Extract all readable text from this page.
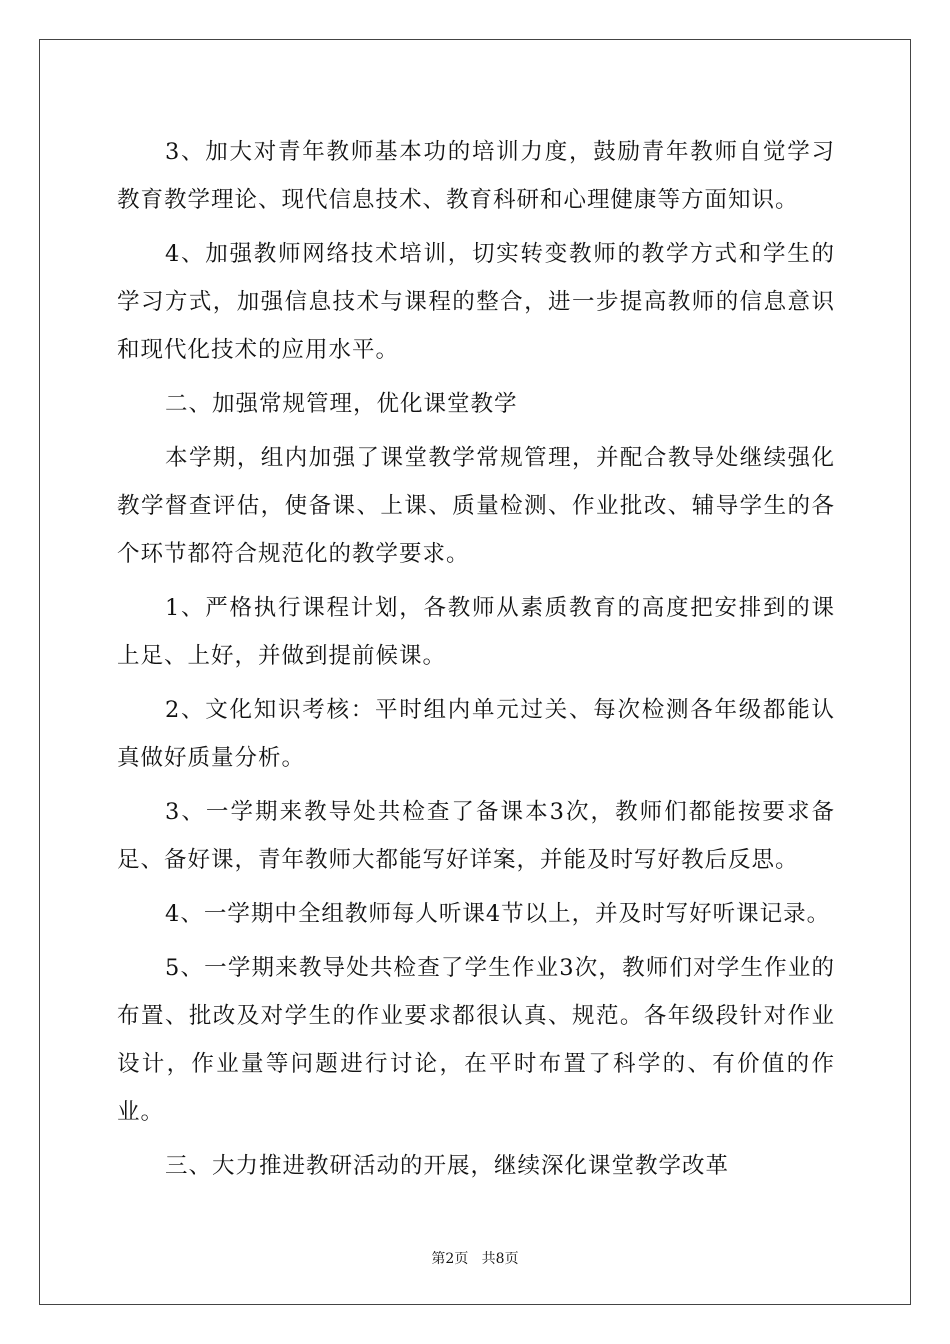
3、加大对青年教师基本功的培训力度，鼓励青年教师自觉学习教育教学理论、现代信息技术、教育科研和心理健康等方面知识。

4、加强教师网络技术培训，切实转变教师的教学方式和学生的学习方式，加强信息技术与课程的整合，进一步提高教师的信息意识和现代化技术的应用水平。

二、加强常规管理，优化课堂教学

本学期，组内加强了课堂教学常规管理，并配合教导处继续强化教学督查评估，使备课、上课、质量检测、作业批改、辅导学生的各个环节都符合规范化的教学要求。

1、严格执行课程计划，各教师从素质教育的高度把安排到的课上足、上好，并做到提前候课。

2、文化知识考核：平时组内单元过关、每次检测各年级都能认真做好质量分析。

3、一学期来教导处共检查了备课本3次，教师们都能按要求备足、备好课，青年教师大都能写好详案，并能及时写好教后反思。

4、一学期中全组教师每人听课4节以上，并及时写好听课记录。

5、一学期来教导处共检查了学生作业3次，教师们对学生作业的布置、批改及对学生的作业要求都很认真、规范。各年级段针对作业设计，作业量等问题进行讨论，在平时布置了科学的、有价值的作业。

三、大力推进教研活动的开展，继续深化课堂教学改革

第2页   共8页
